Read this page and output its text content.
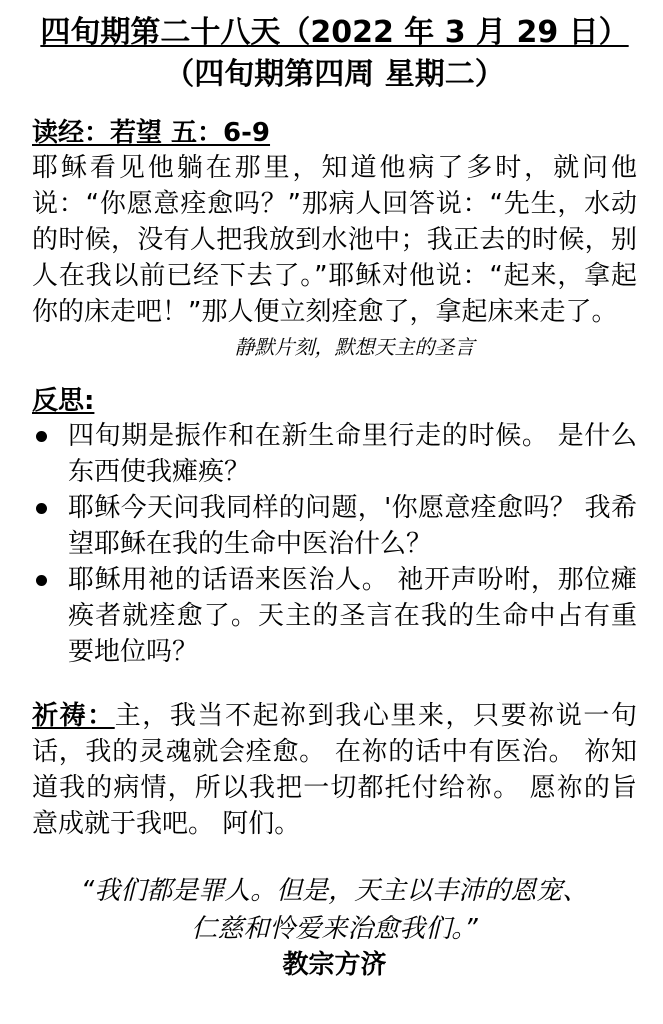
四旬期第二十八天（2022 年 3 月 29 日）
（四旬期第四周 星期二）
读经：若望 五：6-9
耶稣看见他躺在那里，知道他病了多时，就问他说：“你愿意痊愈吗？”那病人回答说：“先生，水动的时候，没有人把我放到水池中；我正去的时候，别人在我以前已经下去了。”耶稣对他说：“起来，拿起你的床走吧！”那人便立刻痊愈了，拿起床来走了。
静默片刻，默想天主的圣言
反思:
四旬期是振作和在新生命里行走的时候。 是什么东西使我瘫痪？
耶稣今天问我同样的问题，'你愿意痊愈吗？ 我希望耶稣在我的生命中医治什么？
耶稣用祂的话语来医治人。 祂开声吩咐，那位瘫痪者就痊愈了。天主的圣言在我的生命中占有重要地位吗？
祈祷：主，我当不起祢到我心里来，只要祢说一句话，我的灵魂就会痊愈。 在祢的话中有医治。 祢知道我的病情，所以我把一切都托付给祢。 愿祢的旨意成就于我吧。 阿们。
“我们都是罪人。但是，天主以丰沛的恩宠、
仁慈和怜爱来治愈我们。”
教宗方济
